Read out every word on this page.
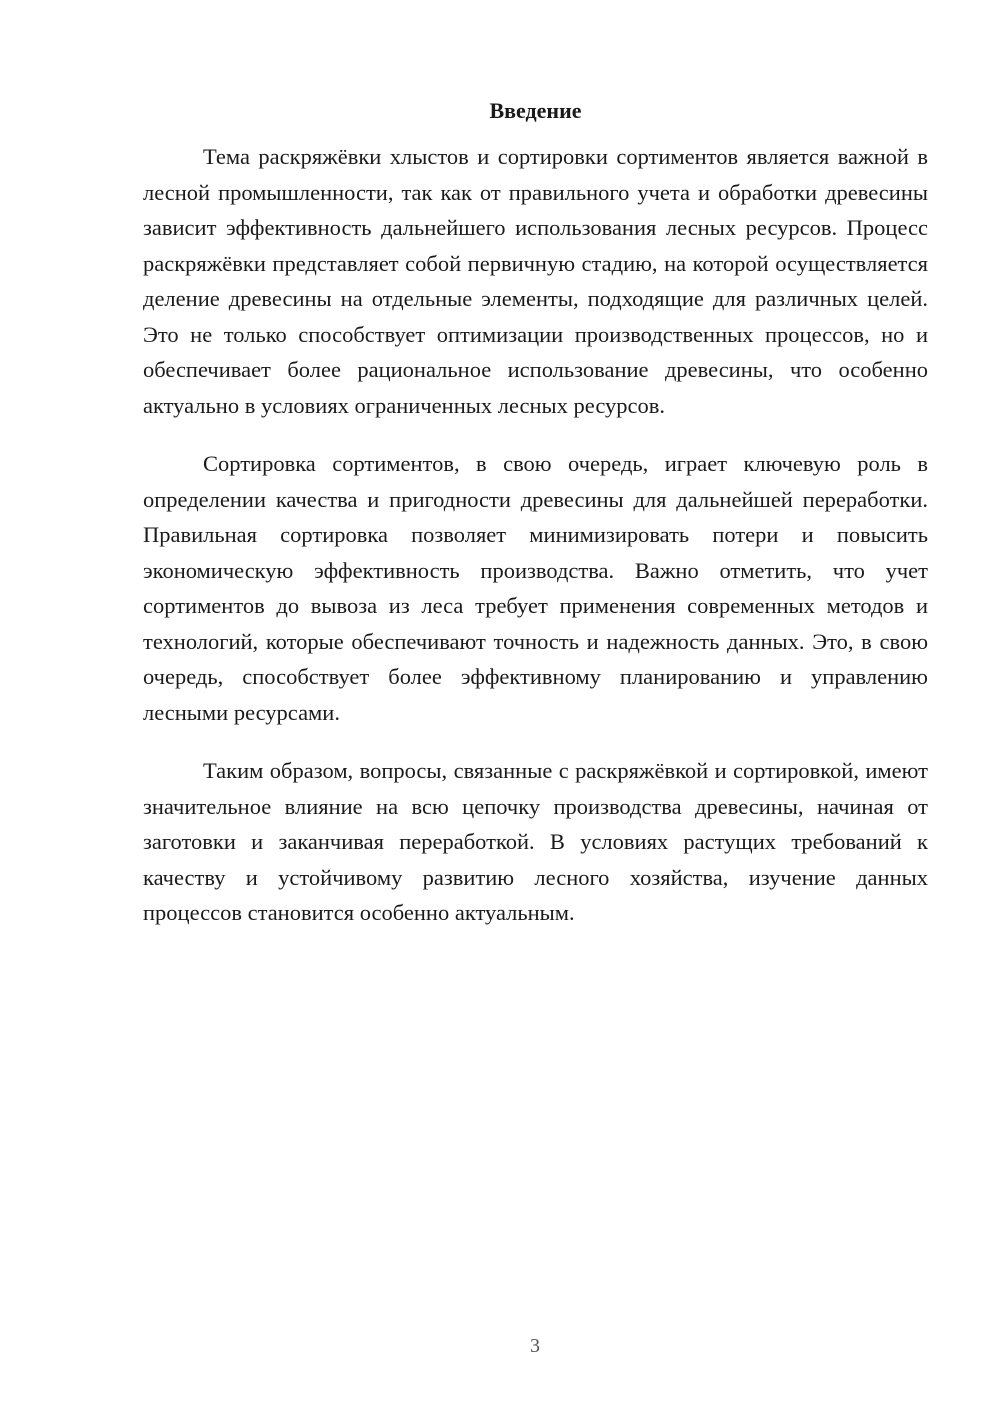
Введение

Тема раскряжёвки хлыстов и сортировки сортиментов является важной в лесной промышленности, так как от правильного учета и обработки древесины зависит эффективность дальнейшего использования лесных ресурсов. Процесс раскряжёвки представляет собой первичную стадию, на которой осуществляется деление древесины на отдельные элементы, подходящие для различных целей. Это не только способствует оптимизации производственных процессов, но и обеспечивает более рациональное использование древесины, что особенно актуально в условиях ограниченных лесных ресурсов.

Сортировка сортиментов, в свою очередь, играет ключевую роль в определении качества и пригодности древесины для дальнейшей переработки. Правильная сортировка позволяет минимизировать потери и повысить экономическую эффективность производства. Важно отметить, что учет сортиментов до вывоза из леса требует применения современных методов и технологий, которые обеспечивают точность и надежность данных. Это, в свою очередь, способствует более эффективному планированию и управлению лесными ресурсами.

Таким образом, вопросы, связанные с раскряжёвкой и сортировкой, имеют значительное влияние на всю цепочку производства древесины, начиная от заготовки и заканчивая переработкой. В условиях растущих требований к качеству и устойчивому развитию лесного хозяйства, изучение данных процессов становится особенно актуальным.

3
